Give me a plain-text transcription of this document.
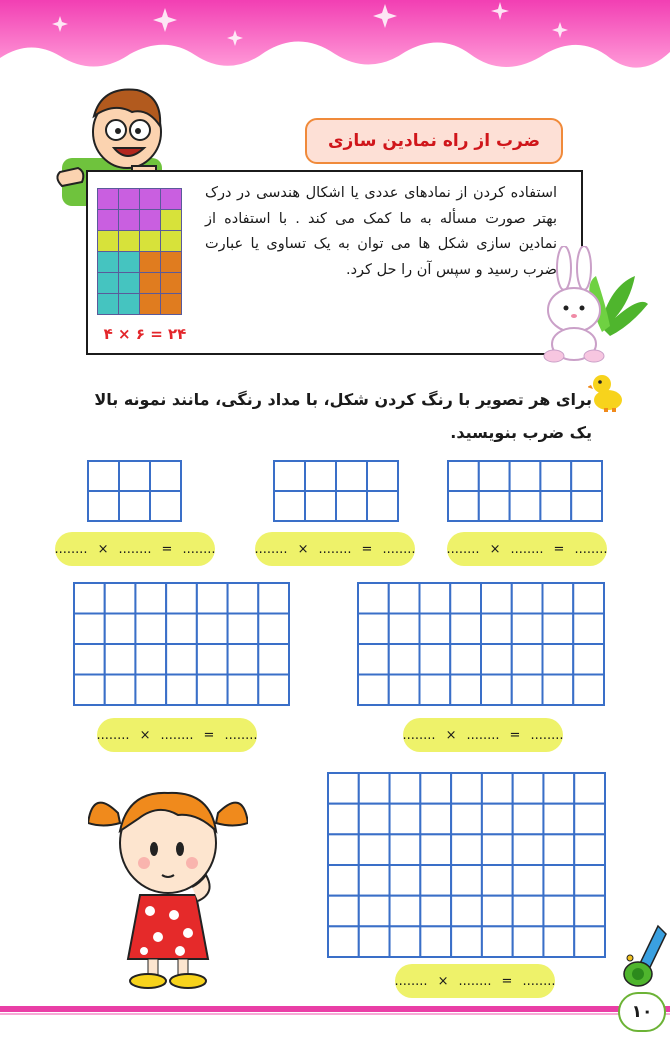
ضرب از راه نمادین سازی
۴ × ۶ = ۲۴
استفاده کردن از نمادهای عددی یا اشکال هندسی در درک بهتر صورت مسأله به ما کمک می کند . با استفاده از نمادین سازی شکل ها می توان به یک تساوی یا عبارت ضرب رسید و سپس آن را حل کرد.
برای هر تصویر با رنگ کردن شکل، با مداد رنگی، مانند نمونه بالا یک ضرب بنویسید.
........ × ........ = ........
........ × ........ = ........
........ × ........ = ........
........ × ........ = ........
........ × ........ = ........
........ × ........ = ........
۱۰
